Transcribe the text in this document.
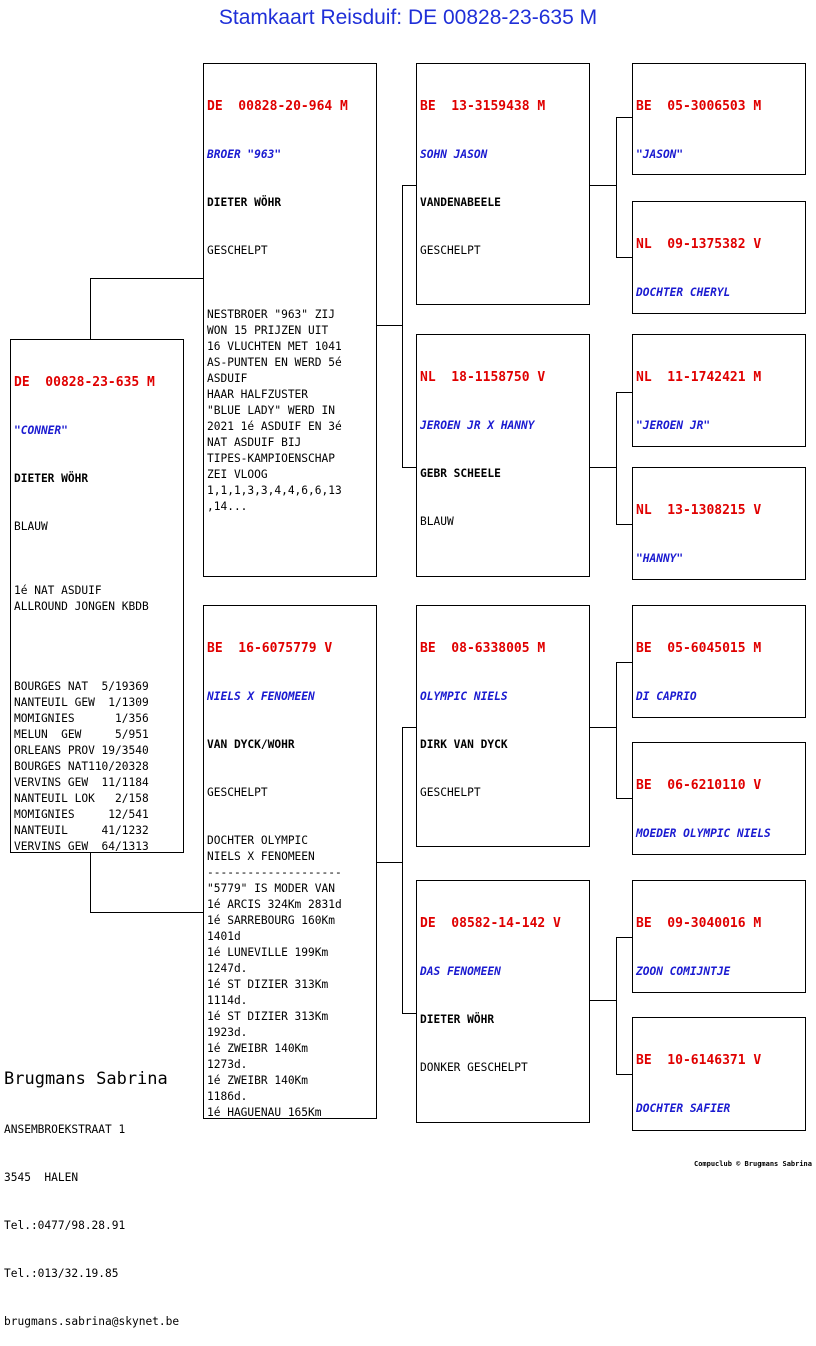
Stamkaart Reisduif: DE 00828-23-635 M

DE  00828-23-635 M

"CONNER"

DIETER WÖHR

BLAUW

1é NAT ASDUIF
ALLROUND JONGEN KBDB

BOURGES NAT  5/19369
NANTEUIL GEW  1/1309
MOMIGNIES      1/356
MELUN  GEW     5/951
ORLEANS PROV 19/3540
BOURGES NAT110/20328
VERVINS GEW  11/1184
NANTEUIL LOK   2/158
MOMIGNIES     12/541
NANTEUIL     41/1232
VERVINS GEW  64/1313

DE  00828-20-964 M

BROER "963"

DIETER WÖHR

GESCHELPT

NESTBROER "963" ZIJ
WON 15 PRIJZEN UIT
16 VLUCHTEN MET 1041
AS-PUNTEN EN WERD 5é
ASDUIF
HAAR HALFZUSTER
"BLUE LADY" WERD IN
2021 1é ASDUIF EN 3é
NAT ASDUIF BIJ
TIPES-KAMPIOENSCHAP
ZEI VLOOG
1,1,1,3,3,4,4,6,6,13
,14...

BE  16-6075779 V

NIELS X FENOMEEN

VAN DYCK/WOHR

GESCHELPT

DOCHTER OLYMPIC
NIELS X FENOMEEN
--------------------
"5779" IS MODER VAN
1é ARCIS 324Km 2831d
1é SARREBOURG 160Km
1401d
1é LUNEVILLE 199Km
1247d.
1é ST DIZIER 313Km
1114d.
1é ST DIZIER 313Km
1923d.
1é ZWEIBR 140Km
1273d.
1é ZWEIBR 140Km
1186d.
1é HAGUENAU 165Km

BE  13-3159438 M

SOHN JASON

VANDENABEELE

GESCHELPT

NL  18-1158750 V

JEROEN JR X HANNY

GEBR SCHEELE

BLAUW

BE  08-6338005 M

OLYMPIC NIELS

DIRK VAN DYCK

GESCHELPT

DE  08582-14-142 V

DAS FENOMEEN

DIETER WÖHR

DONKER GESCHELPT

BE  05-3006503 M

"JASON"

NL  09-1375382 V

DOCHTER CHERYL

NL  11-1742421 M

"JEROEN JR"

NL  13-1308215 V

"HANNY"

BE  05-6045015 M

DI CAPRIO

BE  06-6210110 V

MOEDER OLYMPIC NIELS

BE  09-3040016 M

ZOON COMIJNTJE

BE  10-6146371 V

DOCHTER SAFIER

Brugmans Sabrina

ANSEMBROEKSTRAAT 1

3545  HALEN

Tel.:0477/98.28.91

Tel.:013/32.19.85

brugmans.sabrina@skynet.be

Compuclub © Brugmans Sabrina
